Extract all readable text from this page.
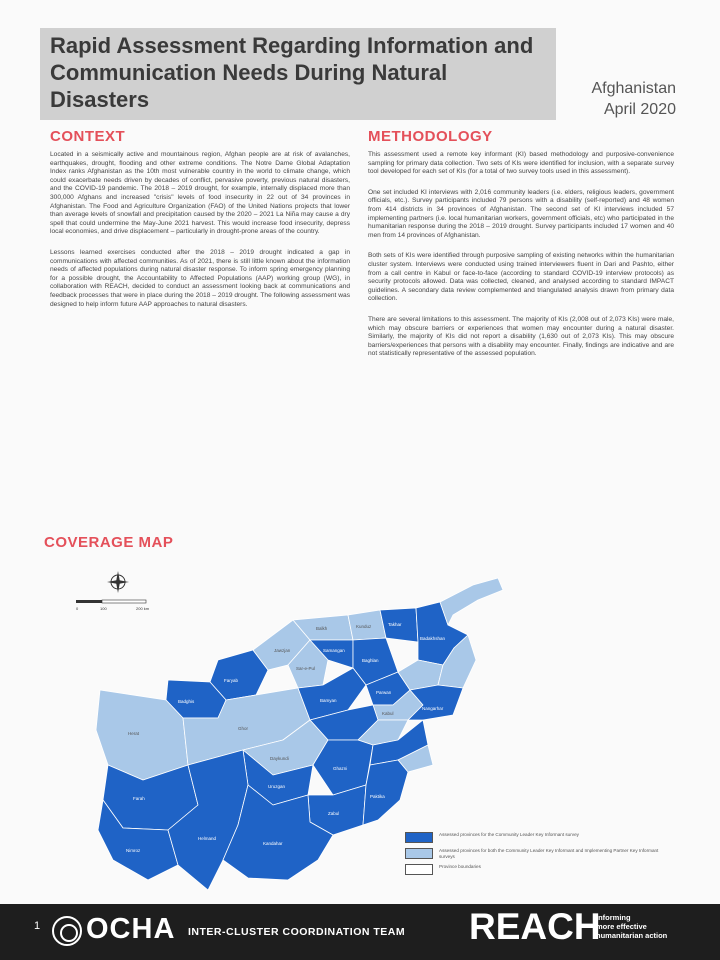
Rapid Assessment Regarding Information and Communication Needs During Natural Disasters	Afghanistan
April 2020
CONTEXT

Located in a seismically active and mountainous region, Afghan people are at risk of avalanches, earthquakes, drought, flooding and other extreme conditions. The Notre Dame Global Adaptation Index ranks Afghanistan as the 10th most vulnerable country in the world to climate change, which could exacerbate needs driven by decades of conflict, pervasive poverty, previous natural disasters, and the COVID-19 pandemic. The 2018 – 2019 drought, for example, internally displaced more than 300,000 Afghans and increased "crisis" levels of food insecurity in 22 out of 34 provinces in Afghanistan. The Food and Agriculture Organization (FAO) of the United Nations projects that lower than average levels of snowfall and precipitation caused by the 2020 – 2021 La Niña may cause a dry spell that could undermine the May-June 2021 harvest. This would increase food insecurity, depress local economies, and drive displacement – particularly in drought-prone areas of the country.

Lessons learned exercises conducted after the 2018 – 2019 drought indicated a gap in communications with affected communities. As of 2021, there is still little known about the information needs of affected populations during natural disaster response. To inform spring emergency planning for a possible drought, the Accountability to Affected Populations (AAP) working group (WG), in collaboration with REACH, decided to conduct an assessment looking back at communications and feedback processes that were in place during the 2018 – 2019 drought. The following assessment was designed to help inform future AAP approaches to natural disasters.

METHODOLOGY

This assessment used a remote key informant (KI) based methodology and purposive-convenience sampling for primary data collection. Two sets of KIs were identified for inclusion, with a separate survey tool developed for each set of KIs (for a total of two survey tools used in this assessment).

One set included KI interviews with 2,016 community leaders (i.e. elders, religious leaders, government officials, etc.). Survey participants included 79 persons with a disability (self-reported) and 48 women from 414 districts in 34 provinces of Afghanistan. The second set of KI interviews included 57 implementing partners (i.e. local humanitarian workers, government officials, etc) who participated in the humanitarian response during the 2018 – 2019 drought. Survey participants included 17 women and 40 men from 14 provinces of Afghanistan.

Both sets of KIs were identified through purposive sampling of existing networks within the humanitarian cluster system. Interviews were conducted using trained interviewers fluent in Dari and Pashto, either from a call centre in Kabul or face-to-face (according to standard COVID-19 interview protocols) as security protocols allowed. Data was collected, cleaned, and analysed according to standard IMPACT guidelines. A secondary data review complemented and triangulated analysis drawn from primary data collection.

There are several limitations to this assessment. The majority of KIs (2,008 out of 2,073 KIs) were male, which may obscure barriers or experiences that women may encounter during a natural disaster. Similarly, the majority of KIs did not report a disability (1,630 out of 2,073 KIs). This may obscure barriers/experiences that persons with a disability may encounter. Finally, findings are indicative and are not statistically representative of the assessed population.

COVERAGE MAP
0	100	200 km
Faryab
Jawzjan
Balkh	Kunduz	Takhar
Badakhshan
Badghis
Sar-e-Pul
Samangan
Baghlan
Herat
Ghor
Bamyan
Parwan
Kabul
Nangarhar
Farah
Daykundi
Uruzgan
Ghazni
Paktika
Zabul
Nimroz
Helmand
Kandahar
Assessed provinces for the Community Leader Key Informant survey
Assessed provinces for both the Community Leader Key Informant and Implementing Partner Key Informant surveys
Province boundaries
1 OCHA INTER-CLUSTER COORDINATION TEAM REACH
Informing
more effective
humanitarian action
